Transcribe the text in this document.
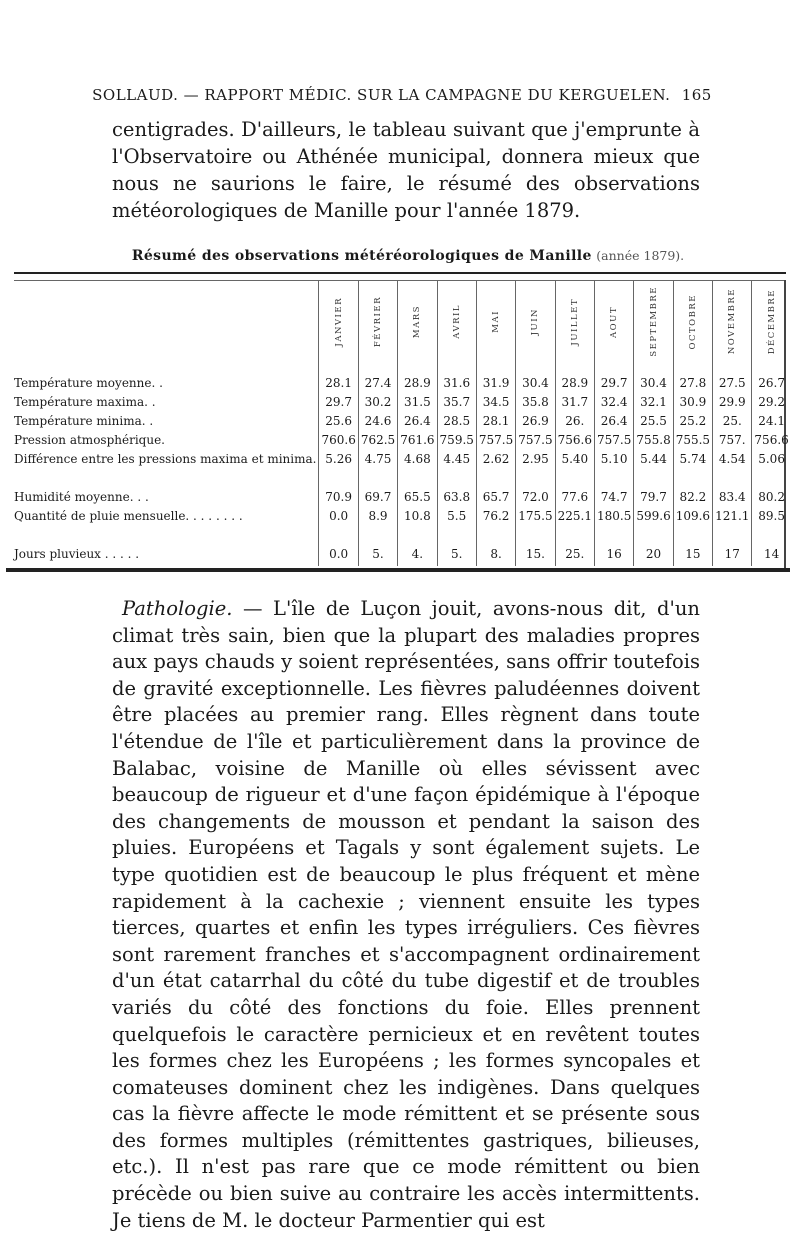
SOLLAUD. — RAPPORT MÉDIC. SUR LA CAMPAGNE DU KERGUELEN. 165
centigrades. D'ailleurs, le tableau suivant que j'emprunte à l'Observatoire ou Athénée municipal, donnera mieux que nous ne saurions le faire, le résumé des observations météorologiques de Manille pour l'année 1879.
Résumé des observations météréorologiques de Manille (année 1879).
	JANVIER	FÉVRIER	MARS	AVRIL	MAI	JUIN	JUILLET	AOUT	SEPTEMBRE	OCTOBRE	NOVEMBRE	DÉCEMBRE

Température moyenne. .	28.1	27.4	28.9	31.6	31.9	30.4	28.9	29.7	30.4	27.8	27.5	26.7
Température maxima. .	29.7	30.2	31.5	35.7	34.5	35.8	31.7	32.4	32.1	30.9	29.9	29.2
Température minima. .	25.6	24.6	26.4	28.5	28.1	26.9	26.	26.4	25.5	25.2	25.	24.1
Pression atmosphérique.	760.6	762.5	761.6	759.5	757.5	757.5	756.6	757.5	755.8	755.5	757.	756.6
Différence entre les pressions maxima et minima.	5.26	4.75	4.68	4.45	2.62	2.95	5.40	5.10	5.44	5.74	4.54	5.06
Humidité moyenne. . .	70.9	69.7	65.5	63.8	65.7	72.0	77.6	74.7	79.7	82.2	83.4	80.2
Quantité de pluie mensuelle. . . . . . . .	0.0	8.9	10.8	5.5	76.2	175.5	225.1	180.5	599.6	109.6	121.1	89.5
Jours pluvieux . . . . .	0.0	5.	4.	5.	8.	15.	25.	16	20	15	17	14

Pathologie. — L'île de Luçon jouit, avons-nous dit, d'un climat très sain, bien que la plupart des maladies propres aux pays chauds y soient représentées, sans offrir toutefois de gravité exceptionnelle. Les fièvres paludéennes doivent être placées au premier rang. Elles règnent dans toute l'étendue de l'île et particulièrement dans la province de Balabac, voisine de Manille où elles sévissent avec beaucoup de rigueur et d'une façon épidémique à l'époque des changements de mousson et pendant la saison des pluies. Européens et Tagals y sont également sujets. Le type quotidien est de beaucoup le plus fréquent et mène rapidement à la cachexie ; viennent ensuite les types tierces, quartes et enfin les types irréguliers. Ces fièvres sont rarement franches et s'accompagnent ordinairement d'un état catarrhal du côté du tube digestif et de troubles variés du côté des fonctions du foie. Elles prennent quelquefois le caractère pernicieux et en revêtent toutes les formes chez les Européens ; les formes syncopales et comateuses dominent chez les indigènes. Dans quelques cas la fièvre affecte le mode rémittent et se présente sous des formes multiples (rémittentes gastriques, bilieuses, etc.). Il n'est pas rare que ce mode rémittent ou bien précède ou bien suive au contraire les accès intermittents. Je tiens de M. le docteur Parmentier qui est
